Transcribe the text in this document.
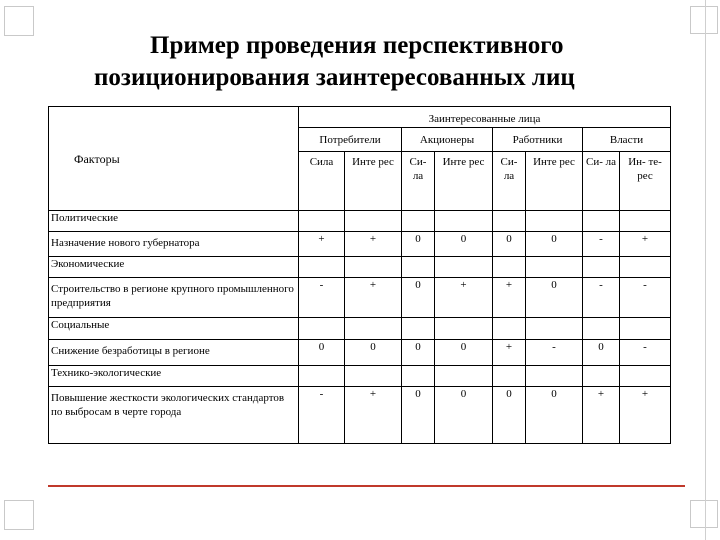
Пример проведения перспективного
позиционирования заинтересованных лиц
Факторы	Заинтересованные лица							
	Потребители		Акционеры		Работники		Власти	
	Сила	Инте рес	Си- ла	Инте рес	Си- ла	Инте рес	Си- ла	Ин- те- рес
Политические								
Назначение нового губернатора	+	+	0	0	0	0	-	+
Экономические								
Строительство в регионе крупного промышленного предприятия	-	+	0	+	+	0	-	-
Социальные								
Снижение безработицы в регионе	0	0	0	0	+	-	0	-
Технико-экологические								
Повышение жесткости экологических стандартов по выбросам в черте города	-	+	0	0	0	0	+	+
